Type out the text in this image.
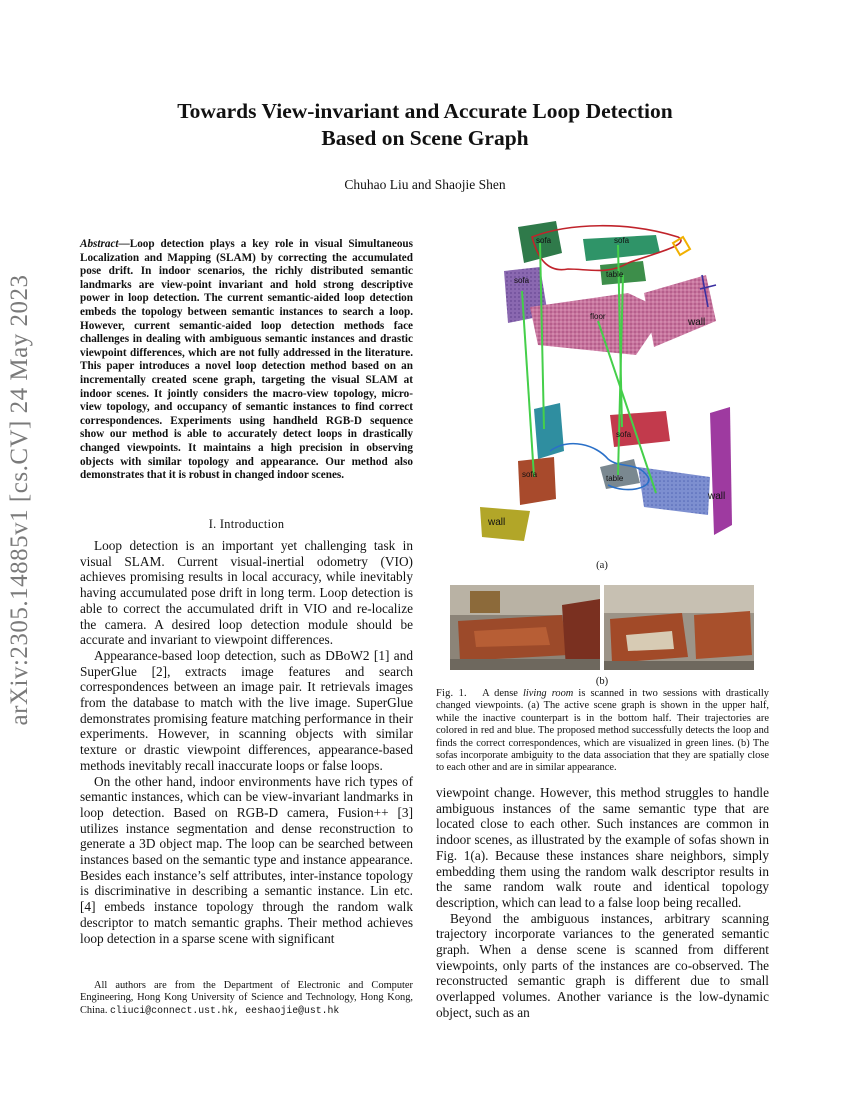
arXiv:2305.14885v1 [cs.CV] 24 May 2023
Towards View-invariant and Accurate Loop Detection
Based on Scene Graph
Chuhao Liu and Shaojie Shen
Abstract—Loop detection plays a key role in visual Simultaneous Localization and Mapping (SLAM) by correcting the accumulated pose drift. In indoor scenarios, the richly distributed semantic landmarks are view-point invariant and hold strong descriptive power in loop detection. The current semantic-aided loop detection embeds the topology between semantic instances to search a loop. However, current semantic-aided loop detection methods face challenges in dealing with ambiguous semantic instances and drastic viewpoint differences, which are not fully addressed in the literature. This paper introduces a novel loop detection method based on an incrementally created scene graph, targeting the visual SLAM at indoor scenes. It jointly considers the macro-view topology, micro-view topology, and occupancy of semantic instances to find correct correspondences. Experiments using handheld RGB-D sequence show our method is able to accurately detect loops in drastically changed viewpoints. It maintains a high precision in observing objects with similar topology and appearance. Our method also demonstrates that it is robust in changed indoor scenes.
I. Introduction

Loop detection is an important yet challenging task in visual SLAM. Current visual-inertial odometry (VIO) achieves promising results in local accuracy, while inevitably having accumulated pose drift in long term. Loop detection is able to correct the accumulated drift in VIO and re-localize the camera. A desired loop detection module should be accurate and invariant to viewpoint differences.

Appearance-based loop detection, such as DBoW2 [1] and SuperGlue [2], extracts image features and search correspondences between an image pair. It retrievals images from the database to match with the live image. SuperGlue demonstrates promising feature matching performance in their experiments. However, in scanning objects with similar texture or drastic viewpoint differences, appearance-based methods inevitably recall inaccurate loops or false loops.

On the other hand, indoor environments have rich types of semantic instances, which can be view-invariant landmarks in loop detection. Based on RGB-D camera, Fusion++ [3] utilizes instance segmentation and dense reconstruction to generate a 3D object map. The loop can be searched between instances based on the semantic type and instance appearance. Besides each instance’s self attributes, inter-instance topology is discriminative in describing a semantic instance. Lin etc. [4] embeds instance topology through the random walk descriptor to match semantic graphs. Their method achieves loop detection in a sparse scene with significant

All authors are from the Department of Electronic and Computer Engineering, Hong Kong University of Science and Technology, Hong Kong, China. cliuci@connect.ust.hk, eeshaojie@ust.hk
sofa	sofa
table
sofa
floor
wall
sofa
sofa	table
wall
wall
(a)
(b)
Fig. 1. A dense living room is scanned in two sessions with drastically changed viewpoints. (a) The active scene graph is shown in the upper half, while the inactive counterpart is in the bottom half. Their trajectories are colored in red and blue. The proposed method successfully detects the loop and finds the correct correspondences, which are visualized in green lines. (b) The sofas incorporate ambiguity to the data association that they are spatially close to each other and are in similar appearance.

viewpoint change. However, this method struggles to handle ambiguous instances of the same semantic type that are located close to each other. Such instances are common in indoor scenes, as illustrated by the example of sofas shown in Fig. 1(a). Because these instances share neighbors, simply embedding them using the random walk descriptor results in the same random walk route and identical topology description, which can lead to a false loop being recalled.

Beyond the ambiguous instances, arbitrary scanning trajectory incorporate variances to the generated semantic graph. When a dense scene is scanned from different viewpoints, only parts of the instances are co-observed. The reconstructed semantic graph is different due to small overlapped volumes. Another variance is the low-dynamic object, such as an
